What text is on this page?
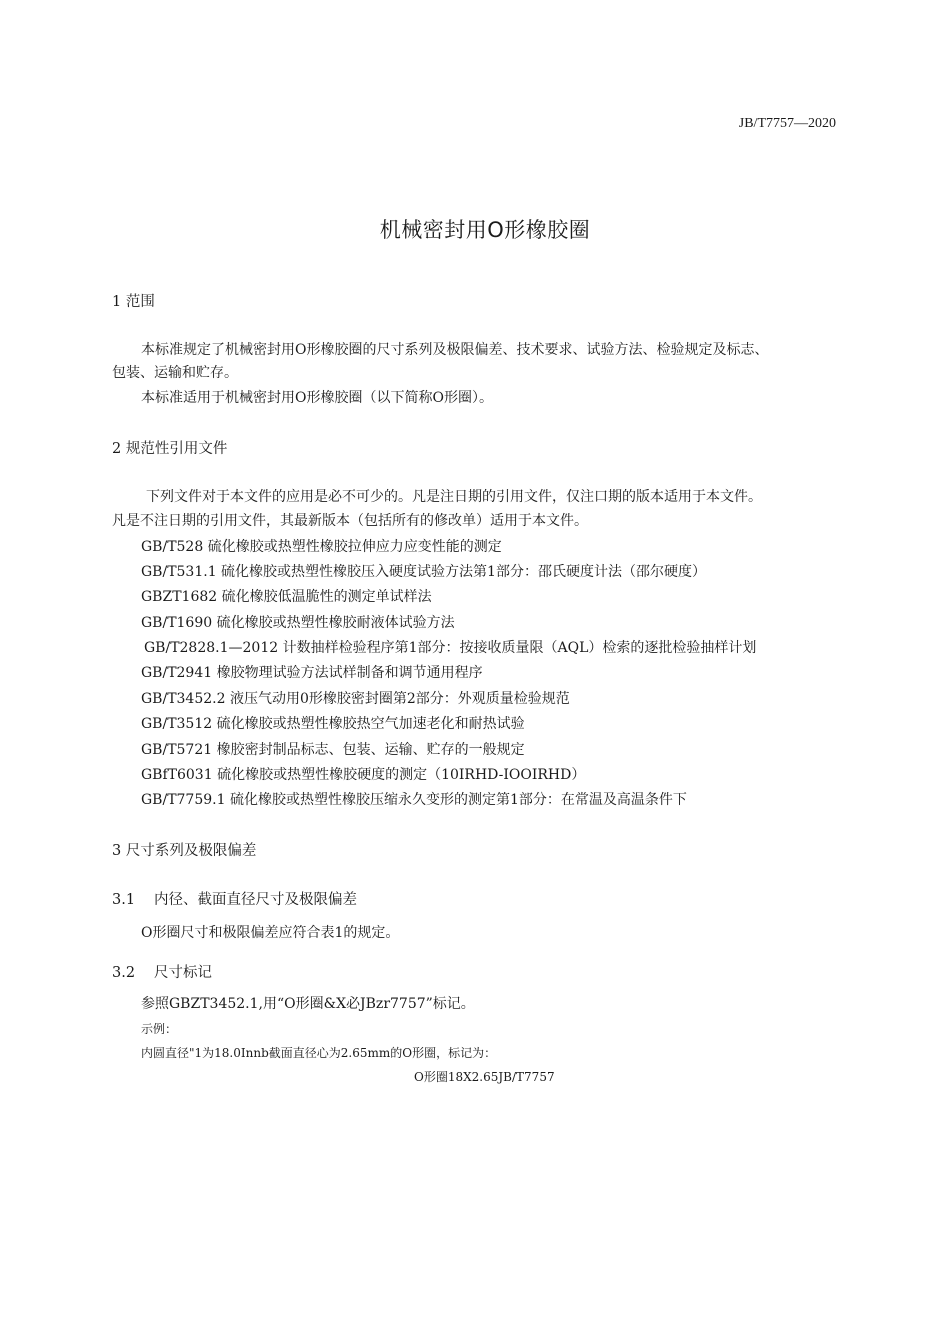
JB/T7757—2020
机械密封用O形橡胶圈
1 范围
本标准规定了机械密封用O形橡胶圈的尺寸系列及极限偏差、技术要求、试验方法、检验规定及标志、
包装、运输和贮存。
本标准适用于机械密封用O形橡胶圈（以下简称O形圈）。
2 规范性引用文件
下列文件对于本文件的应用是必不可少的。凡是注日期的引用文件，仅注口期的版本适用于本文件。
凡是不注日期的引用文件，其最新版本（包括所有的修改单）适用于本文件。
GB/T528 硫化橡胶或热塑性橡胶拉伸应力应变性能的测定
GB/T531.1 硫化橡胶或热塑性橡胶压入硬度试验方法第1部分：邵氏硬度计法（邵尔硬度）
GBZT1682 硫化橡胶低温脆性的测定单试样法
GB/T1690 硫化橡胶或热塑性橡胶耐液体试验方法
GB/T2828.1—2012 计数抽样检验程序第1部分：按接收质量限（AQL）检索的逐批检验抽样计划
GB/T2941 橡胶物理试验方法试样制备和调节通用程序
GB/T3452.2 液压气动用0形橡胶密封圈第2部分：外观质量检验规范
GB/T3512 硫化橡胶或热塑性橡胶热空气加速老化和耐热试验
GB/T5721 橡胶密封制品标志、包装、运输、贮存的一般规定
GBfT6031 硫化橡胶或热塑性橡胶硬度的测定（10IRHD-IOOIRHD）
GB/T7759.1 硫化橡胶或热塑性橡胶压缩永久变形的测定第1部分：在常温及高温条件下
3 尺寸系列及极限偏差
3.1 内径、截面直径尺寸及极限偏差
O形圈尺寸和极限偏差应符合表1的规定。
3.2 尺寸标记
参照GBZT3452.1,用“O形圈&X必JBzr7757”标记。
示例：
内圆直径"1为18.0Innb截面直径心为2.65mm的O形圈，标记为：
O形圈18X2.65JB/T7757
